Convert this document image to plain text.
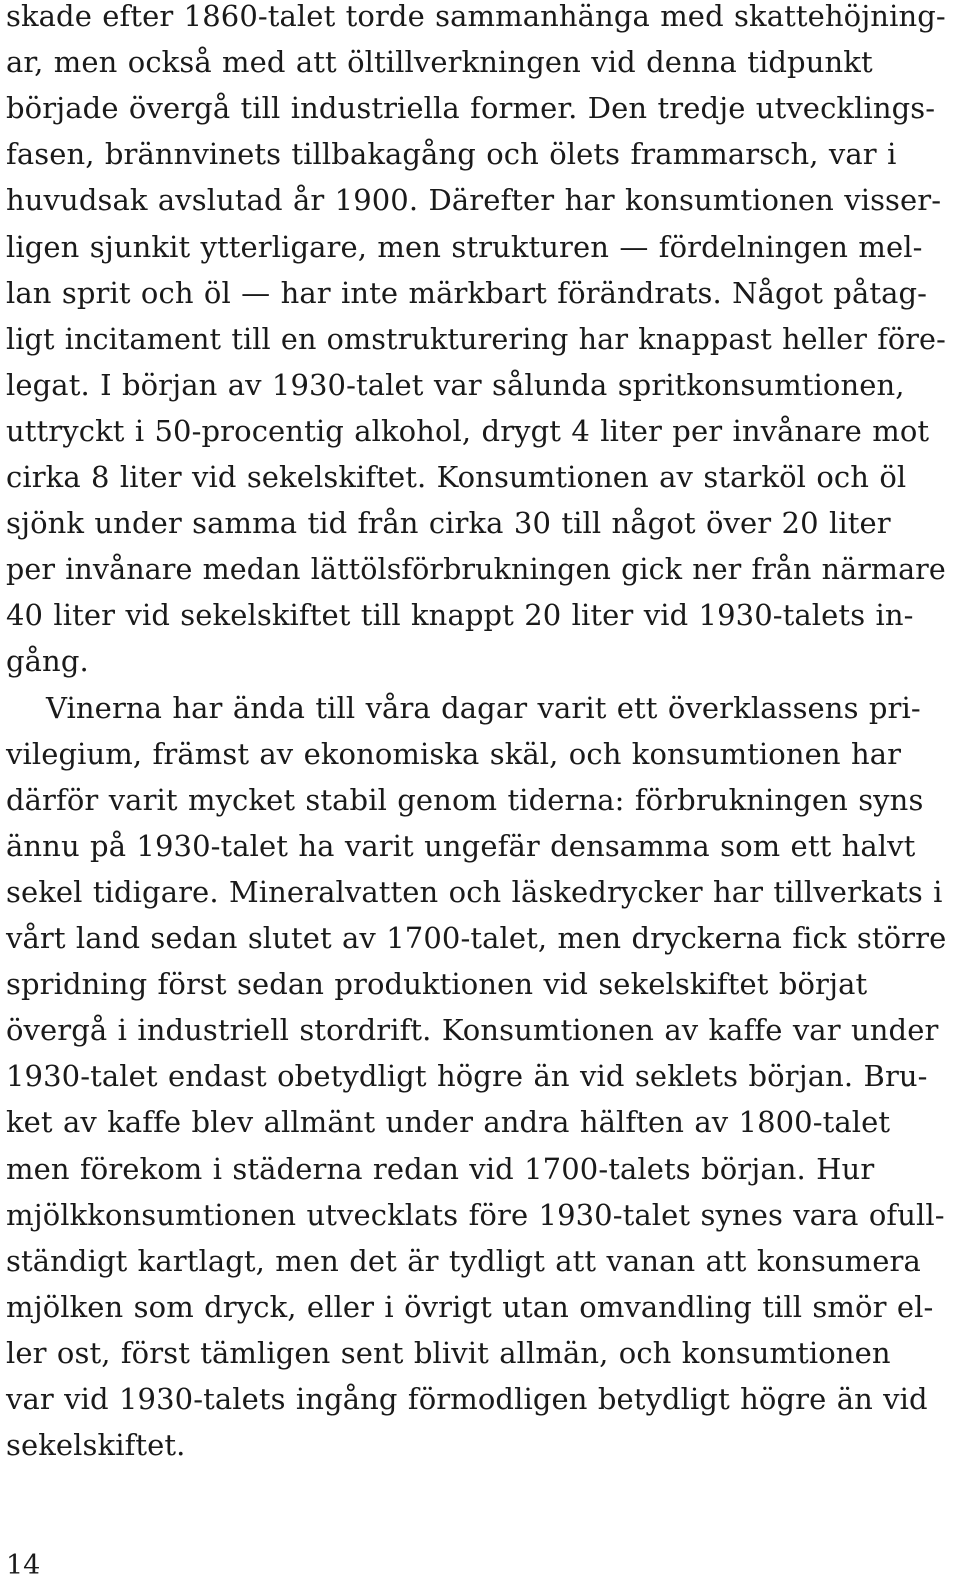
skade efter 1860-talet torde sammanhänga med skattehöjning-
ar, men också med att öltillverkningen vid denna tidpunkt
började övergå till industriella former. Den tredje utvecklings-
fasen, brännvinets tillbakagång och ölets frammarsch, var i
huvudsak avslutad år 1900. Därefter har konsumtionen visser-
ligen sjunkit ytterligare, men strukturen — fördelningen mel-
lan sprit och öl — har inte märkbart förändrats. Något påtag-
ligt incitament till en omstrukturering har knappast heller före-
legat. I början av 1930-talet var sålunda spritkonsumtionen,
uttryckt i 50-procentig alkohol, drygt 4 liter per invånare mot
cirka 8 liter vid sekelskiftet. Konsumtionen av starköl och öl
sjönk under samma tid från cirka 30 till något över 20 liter
per invånare medan lättölsförbrukningen gick ner från närmare
40 liter vid sekelskiftet till knappt 20 liter vid 1930-talets in-
gång.
Vinerna har ända till våra dagar varit ett överklassens pri-
vilegium, främst av ekonomiska skäl, och konsumtionen har
därför varit mycket stabil genom tiderna: förbrukningen syns
ännu på 1930-talet ha varit ungefär densamma som ett halvt
sekel tidigare. Mineralvatten och läskedrycker har tillverkats i
vårt land sedan slutet av 1700-talet, men dryckerna fick större
spridning först sedan produktionen vid sekelskiftet börjat
övergå i industriell stordrift. Konsumtionen av kaffe var under
1930-talet endast obetydligt högre än vid seklets början. Bru-
ket av kaffe blev allmänt under andra hälften av 1800-talet
men förekom i städerna redan vid 1700-talets början. Hur
mjölkkonsumtionen utvecklats före 1930-talet synes vara ofull-
ständigt kartlagt, men det är tydligt att vanan att konsumera
mjölken som dryck, eller i övrigt utan omvandling till smör el-
ler ost, först tämligen sent blivit allmän, och konsumtionen
var vid 1930-talets ingång förmodligen betydligt högre än vid
sekelskiftet.
14
